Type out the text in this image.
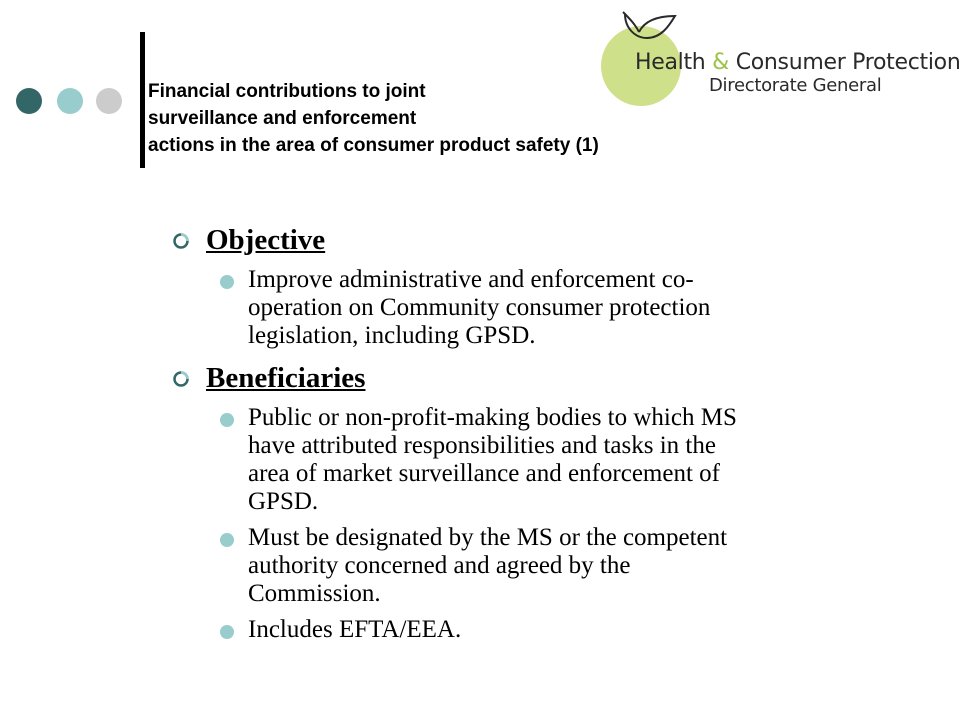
Health & Consumer Protection
Directorate General
Financial contributions to joint
surveillance and enforcement
actions in the area of consumer product safety (1)
Objective
Improve administrative and enforcement co-
operation on Community consumer protection
legislation, including GPSD.
Beneficiaries
Public or non-profit-making bodies to which MS
have attributed responsibilities and tasks in the
area of market surveillance and enforcement of
GPSD.
Must be designated by the MS or the competent
authority concerned and agreed by the
Commission.
Includes EFTA/EEA.
